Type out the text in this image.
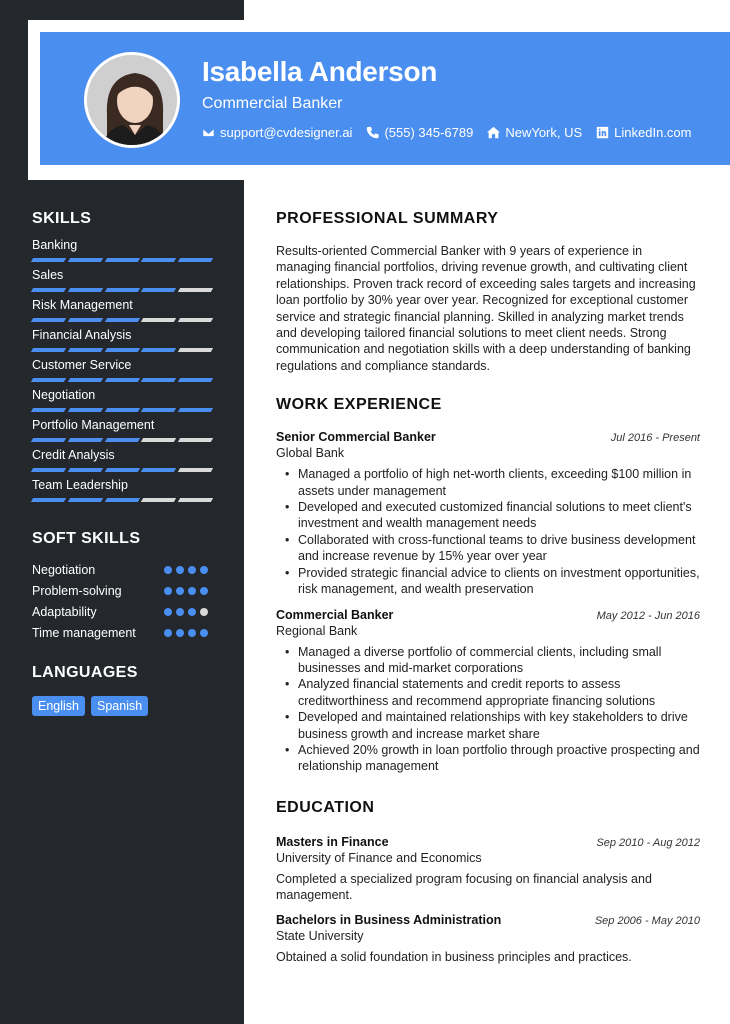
Isabella Anderson
Commercial Banker
support@cvdesigner.ai (555) 345-6789 NewYork, US LinkedIn.com
SKILLS
Banking
Sales
Risk Management
Financial Analysis
Customer Service
Negotiation
Portfolio Management
Credit Analysis
Team Leadership
SOFT SKILLS
Negotiation
Problem-solving
Adaptability
Time management
LANGUAGES
English	Spanish
PROFESSIONAL SUMMARY

Results-oriented Commercial Banker with 9 years of experience in managing financial portfolios, driving revenue growth, and cultivating client relationships. Proven track record of exceeding sales targets and increasing loan portfolio by 30% year over year. Recognized for exceptional customer service and strategic financial planning. Skilled in analyzing market trends and developing tailored financial solutions to meet client needs. Strong communication and negotiation skills with a deep understanding of banking regulations and compliance standards.

WORK EXPERIENCE
Senior Commercial Banker	Jul 2016 - Present
Global Bank
• Managed a portfolio of high net-worth clients, exceeding $100 million in assets under management
• Developed and executed customized financial solutions to meet client's investment and wealth management needs
• Collaborated with cross-functional teams to drive business development and increase revenue by 15% year over year
• Provided strategic financial advice to clients on investment opportunities, risk management, and wealth preservation
Commercial Banker	May 2012 - Jun 2016
Regional Bank
• Managed a diverse portfolio of commercial clients, including small businesses and mid-market corporations
• Analyzed financial statements and credit reports to assess creditworthiness and recommend appropriate financing solutions
• Developed and maintained relationships with key stakeholders to drive business growth and increase market share
• Achieved 20% growth in loan portfolio through proactive prospecting and relationship management
EDUCATION
Masters in Finance	Sep 2010 - Aug 2012
University of Finance and Economics

Completed a specialized program focusing on financial analysis and management.

Bachelors in Business Administration	Sep 2006 - May 2010
State University

Obtained a solid foundation in business principles and practices.
